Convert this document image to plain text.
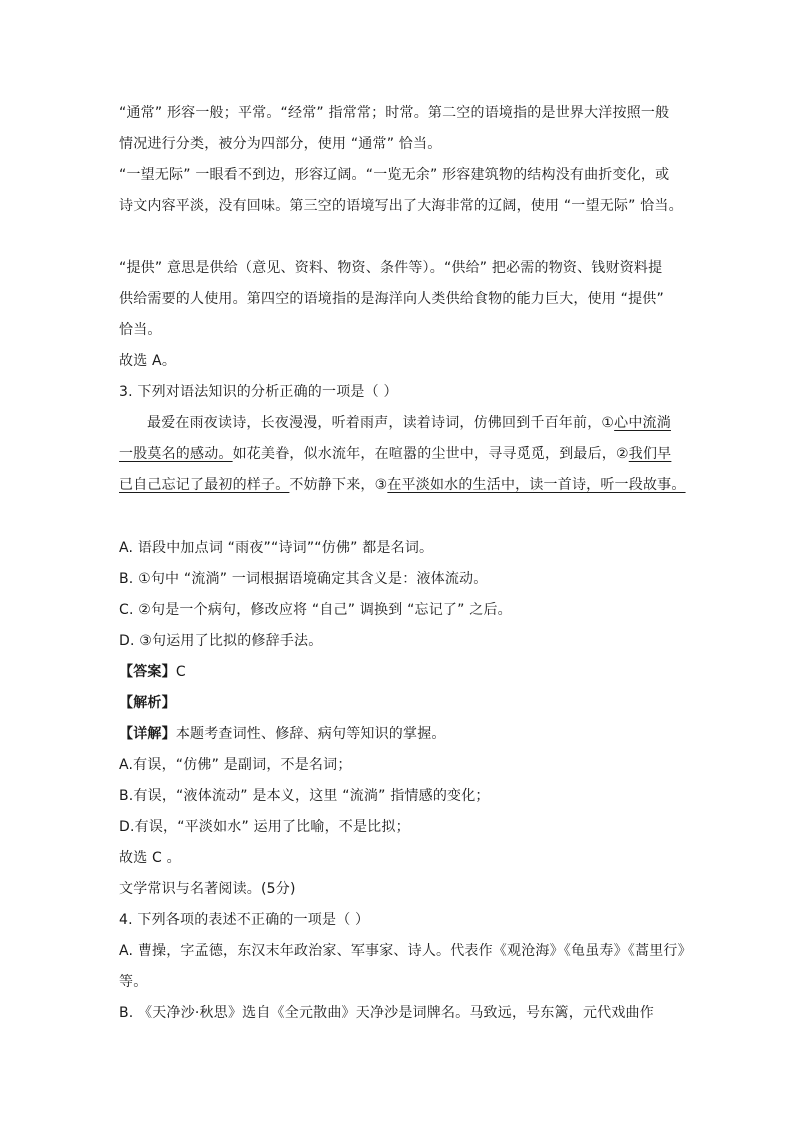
“通常” 形容一般；平常。“经常” 指常常；时常。第二空的语境指的是世界大洋按照一般
情况进行分类，被分为四部分，使用 “通常” 恰当。
“一望无际” 一眼看不到边，形容辽阔。“一览无余” 形容建筑物的结构没有曲折变化，或
诗文内容平淡，没有回味。第三空的语境写出了大海非常的辽阔，使用 “一望无际” 恰当。
“提供” 意思是供给（意见、资料、物资、条件等）。“供给” 把必需的物资、钱财资料提
供给需要的人使用。第四空的语境指的是海洋向人类供给食物的能力巨大，使用 “提供”
恰当。
故选 A。
3. 下列对语法知识的分析正确的一项是（ ）
最爱在雨夜读诗，长夜漫漫，听着雨声，读着诗词，仿佛回到千百年前，①心中流淌
一股莫名的感动。如花美眷，似水流年，在喧嚣的尘世中，寻寻觅觅，到最后，②我们早
已自己忘记了最初的样子。不妨静下来，③在平淡如水的生活中，读一首诗，听一段故事。
A. 语段中加点词 “雨夜”“诗词”“仿佛” 都是名词。
B. ①句中 “流淌” 一词根据语境确定其含义是：液体流动。
C. ②句是一个病句，修改应将 “自己” 调换到 “忘记了” 之后。
D. ③句运用了比拟的修辞手法。
【答案】C
【解析】
【详解】本题考查词性、修辞、病句等知识的掌握。
A.有误，“仿佛” 是副词，不是名词；
B.有误，“液体流动” 是本义，这里 “流淌” 指情感的变化；
D.有误，“平淡如水” 运用了比喻，不是比拟；
故选 C 。
文学常识与名著阅读。(5分)
4. 下列各项的表述不正确的一项是（ ）
A. 曹操，字孟德，东汉末年政治家、军事家、诗人。代表作《观沧海》《龟虽寿》《蒿里行》
等。
B. 《天净沙·秋思》选自《全元散曲》天净沙是词牌名。马致远，号东篱，元代戏曲作
